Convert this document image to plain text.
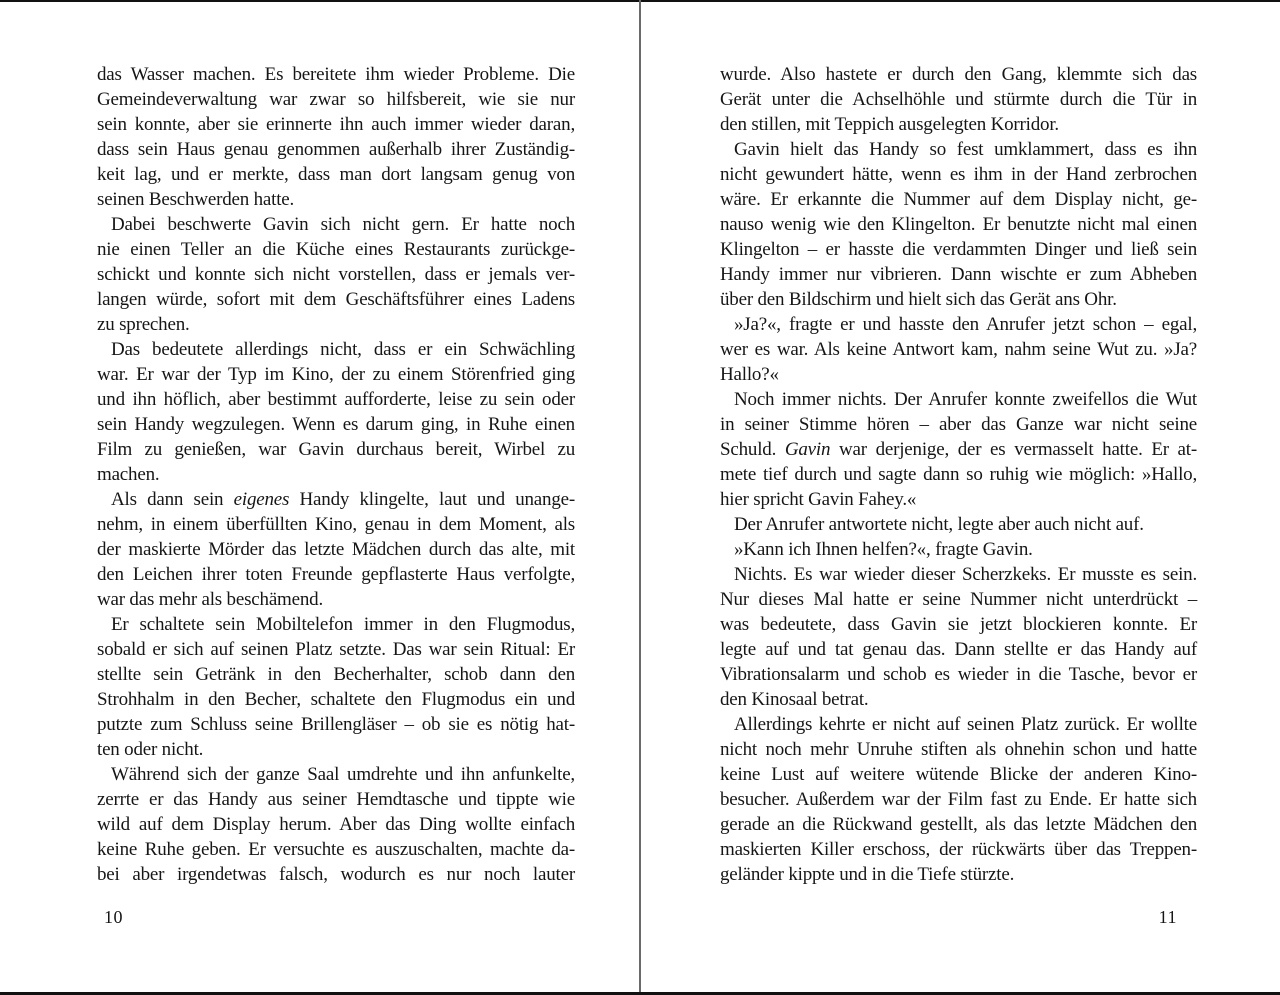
das Wasser machen. Es bereitete ihm wieder Probleme. Die
Gemeindeverwaltung war zwar so hilfsbereit, wie sie nur
sein konnte, aber sie erinnerte ihn auch immer wieder daran,
dass sein Haus genau genommen außerhalb ihrer Zuständig-
keit lag, und er merkte, dass man dort langsam genug von
seinen Beschwerden hatte.
Dabei beschwerte Gavin sich nicht gern. Er hatte noch
nie einen Teller an die Küche eines Restaurants zurückge-
schickt und konnte sich nicht vorstellen, dass er jemals ver-
langen würde, sofort mit dem Geschäftsführer eines Ladens
zu sprechen.
Das bedeutete allerdings nicht, dass er ein Schwächling
war. Er war der Typ im Kino, der zu einem Störenfried ging
und ihn höflich, aber bestimmt aufforderte, leise zu sein oder
sein Handy wegzulegen. Wenn es darum ging, in Ruhe einen
Film zu genießen, war Gavin durchaus bereit, Wirbel zu
machen.
Als dann sein eigenes Handy klingelte, laut und unange-
nehm, in einem überfüllten Kino, genau in dem Moment, als
der maskierte Mörder das letzte Mädchen durch das alte, mit
den Leichen ihrer toten Freunde gepflasterte Haus verfolgte,
war das mehr als beschämend.
Er schaltete sein Mobiltelefon immer in den Flugmodus,
sobald er sich auf seinen Platz setzte. Das war sein Ritual: Er
stellte sein Getränk in den Becherhalter, schob dann den
Strohhalm in den Becher, schaltete den Flugmodus ein und
putzte zum Schluss seine Brillengläser – ob sie es nötig hat-
ten oder nicht.
Während sich der ganze Saal umdrehte und ihn anfunkelte,
zerrte er das Handy aus seiner Hemdtasche und tippte wie
wild auf dem Display herum. Aber das Ding wollte einfach
keine Ruhe geben. Er versuchte es auszuschalten, machte da-
bei aber irgendetwas falsch, wodurch es nur noch lauter
10
wurde. Also hastete er durch den Gang, klemmte sich das
Gerät unter die Achselhöhle und stürmte durch die Tür in
den stillen, mit Teppich ausgelegten Korridor.
Gavin hielt das Handy so fest umklammert, dass es ihn
nicht gewundert hätte, wenn es ihm in der Hand zerbrochen
wäre. Er erkannte die Nummer auf dem Display nicht, ge-
nauso wenig wie den Klingelton. Er benutzte nicht mal einen
Klingelton – er hasste die verdammten Dinger und ließ sein
Handy immer nur vibrieren. Dann wischte er zum Abheben
über den Bildschirm und hielt sich das Gerät ans Ohr.
»Ja?«, fragte er und hasste den Anrufer jetzt schon – egal,
wer es war. Als keine Antwort kam, nahm seine Wut zu. »Ja?
Hallo?«
Noch immer nichts. Der Anrufer konnte zweifellos die Wut
in seiner Stimme hören – aber das Ganze war nicht seine
Schuld. Gavin war derjenige, der es vermasselt hatte. Er at-
mete tief durch und sagte dann so ruhig wie möglich: »Hallo,
hier spricht Gavin Fahey.«
Der Anrufer antwortete nicht, legte aber auch nicht auf.
»Kann ich Ihnen helfen?«, fragte Gavin.
Nichts. Es war wieder dieser Scherzkeks. Er musste es sein.
Nur dieses Mal hatte er seine Nummer nicht unterdrückt –
was bedeutete, dass Gavin sie jetzt blockieren konnte. Er
legte auf und tat genau das. Dann stellte er das Handy auf
Vibrationsalarm und schob es wieder in die Tasche, bevor er
den Kinosaal betrat.
Allerdings kehrte er nicht auf seinen Platz zurück. Er wollte
nicht noch mehr Unruhe stiften als ohnehin schon und hatte
keine Lust auf weitere wütende Blicke der anderen Kino-
besucher. Außerdem war der Film fast zu Ende. Er hatte sich
gerade an die Rückwand gestellt, als das letzte Mädchen den
maskierten Killer erschoss, der rückwärts über das Treppen-
geländer kippte und in die Tiefe stürzte.
11
